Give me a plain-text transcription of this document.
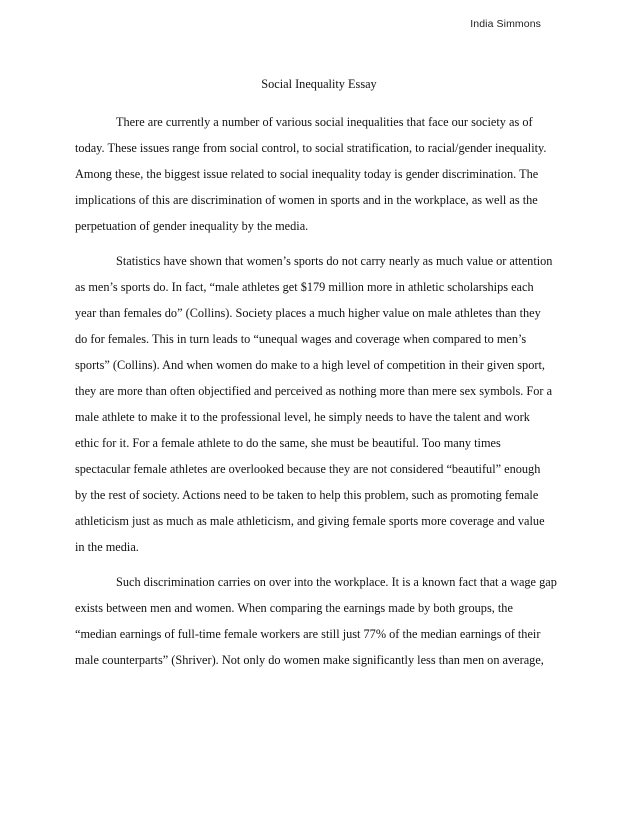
India Simmons
Social Inequality Essay
There are currently a number of various social inequalities that face our society as of
today. These issues range from social control, to social stratification, to racial/gender inequality.
Among these, the biggest issue related to social inequality today is gender discrimination. The
implications of this are discrimination of women in sports and in the workplace, as well as the
perpetuation of gender inequality by the media.
Statistics have shown that women’s sports do not carry nearly as much value or attention
as men’s sports do. In fact, “male athletes get $179 million more in athletic scholarships each
year than females do” (Collins). Society places a much higher value on male athletes than they
do for females. This in turn leads to “unequal wages and coverage when compared to men’s
sports” (Collins). And when women do make to a high level of competition in their given sport,
they are more than often objectified and perceived as nothing more than mere sex symbols. For a
male athlete to make it to the professional level, he simply needs to have the talent and work
ethic for it. For a female athlete to do the same, she must be beautiful. Too many times
spectacular female athletes are overlooked because they are not considered “beautiful” enough
by the rest of society. Actions need to be taken to help this problem, such as promoting female
athleticism just as much as male athleticism, and giving female sports more coverage and value
in the media.
Such discrimination carries on over into the workplace. It is a known fact that a wage gap
exists between men and women. When comparing the earnings made by both groups, the
“median earnings of full-time female workers are still just 77% of the median earnings of their
male counterparts” (Shriver). Not only do women make significantly less than men on average,
